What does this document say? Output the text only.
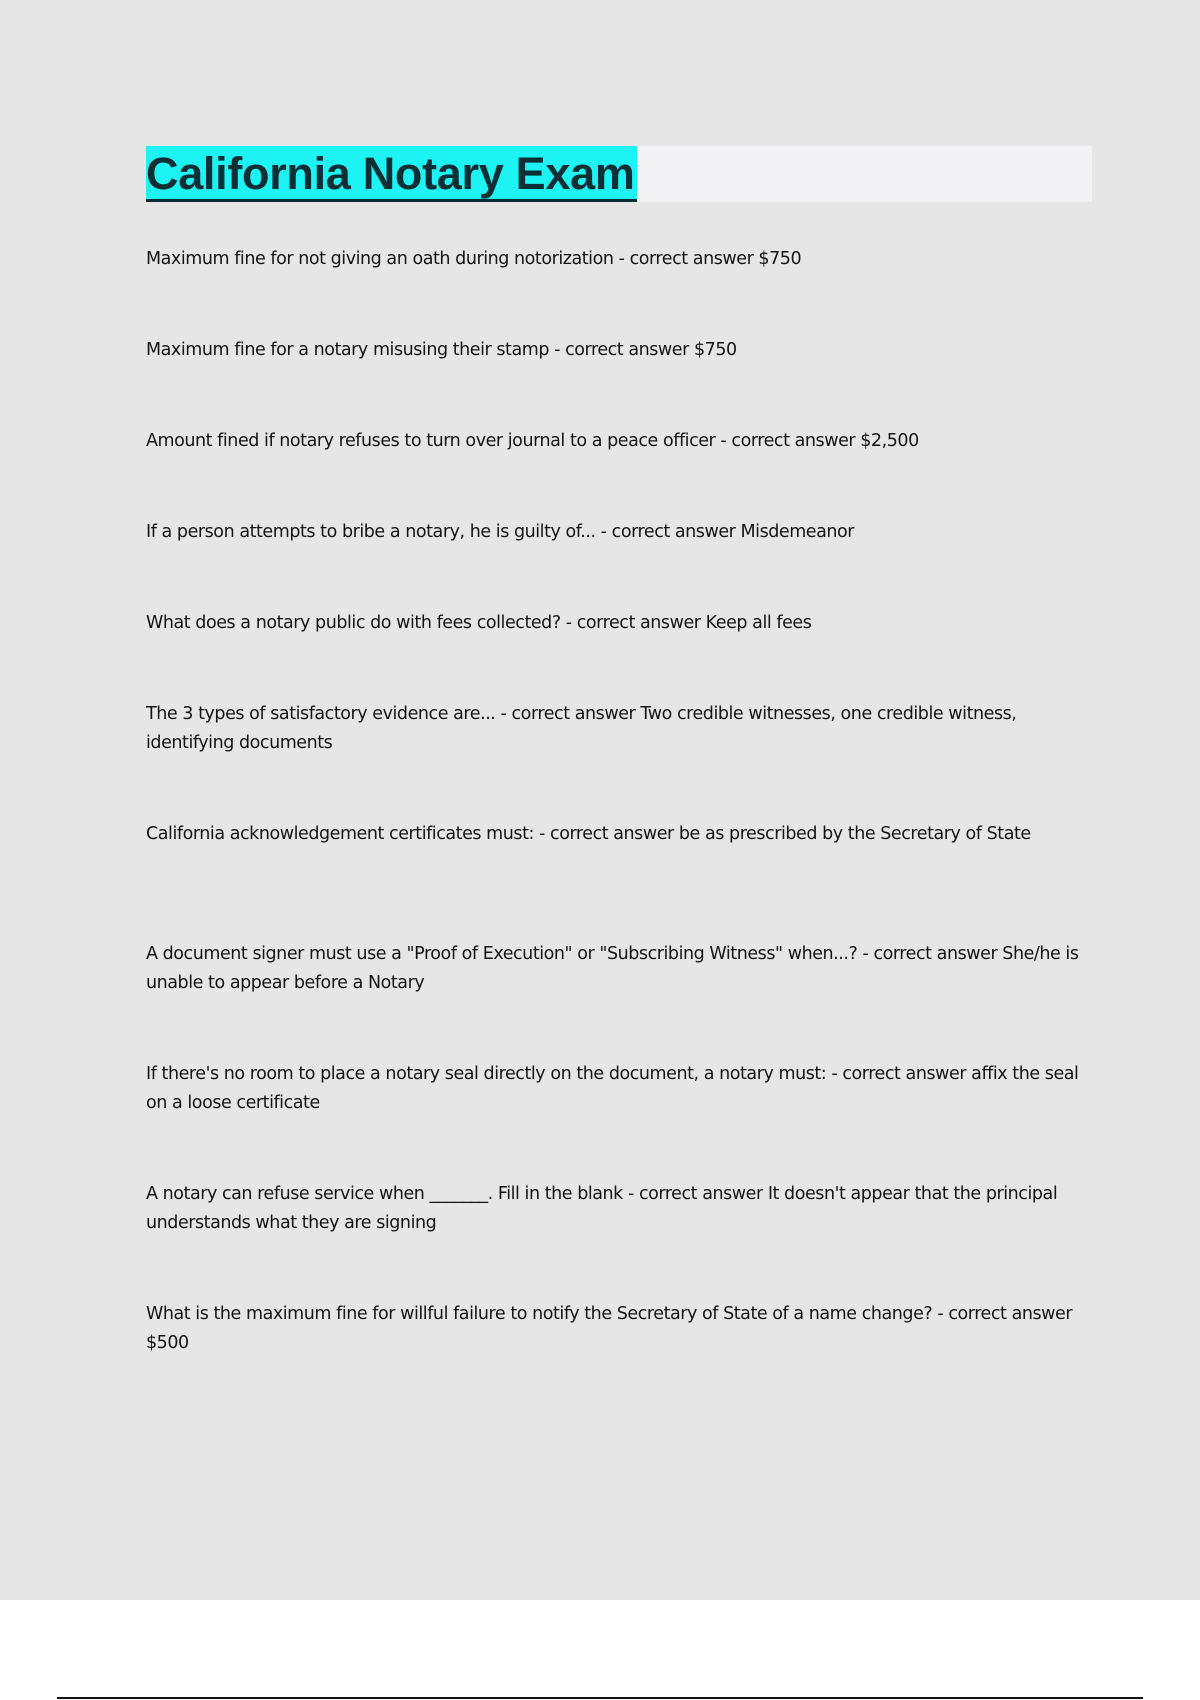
California Notary Exam

Maximum fine for not giving an oath during notorization - correct answer $750

Maximum fine for a notary misusing their stamp - correct answer $750

Amount fined if notary refuses to turn over journal to a peace officer - correct answer $2,500

If a person attempts to bribe a notary, he is guilty of... - correct answer Misdemeanor

What does a notary public do with fees collected? - correct answer Keep all fees

The 3 types of satisfactory evidence are... - correct answer Two credible witnesses, one credible witness, identifying documents

California acknowledgement certificates must: - correct answer be as prescribed by the Secretary of State

A document signer must use a "Proof of Execution" or "Subscribing Witness" when...? - correct answer She/he is unable to appear before a Notary

If there's no room to place a notary seal directly on the document, a notary must: - correct answer affix the seal on a loose certificate

A notary can refuse service when _______. Fill in the blank - correct answer It doesn't appear that the principal understands what they are signing

What is the maximum fine for willful failure to notify the Secretary of State of a name change? - correct answer $500
